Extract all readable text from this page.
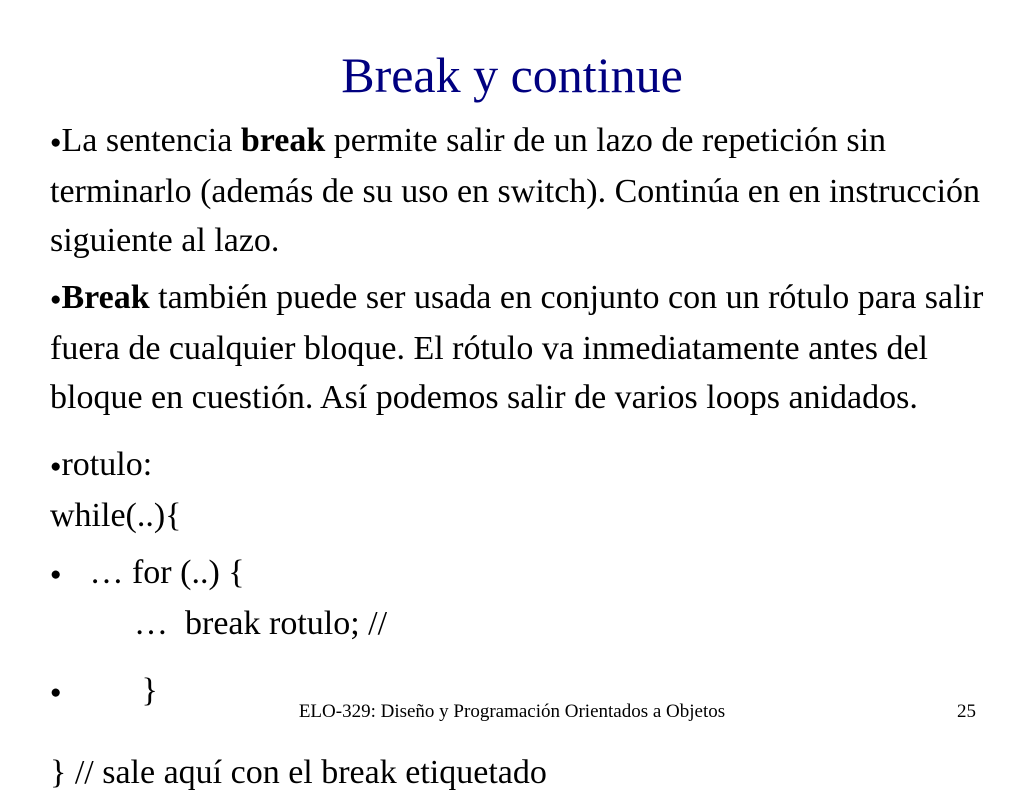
Break y continue

●La sentencia break permite salir de un lazo de repetición sin terminarlo (además de su uso en switch). Continúa en en instrucción siguiente al lazo.

●Break también puede ser usada en conjunto con un rótulo para salir fuera de cualquier bloque. El rótulo va inmediatamente antes del bloque en cuestión. Así podemos salir de varios loops anidados.

●rotulo:
while(..){
● … for (..) {
…  break rotulo; //
● }
} // sale aquí con el break etiquetado
ELO-329: Diseño y Programación Orientados a Objetos	25
